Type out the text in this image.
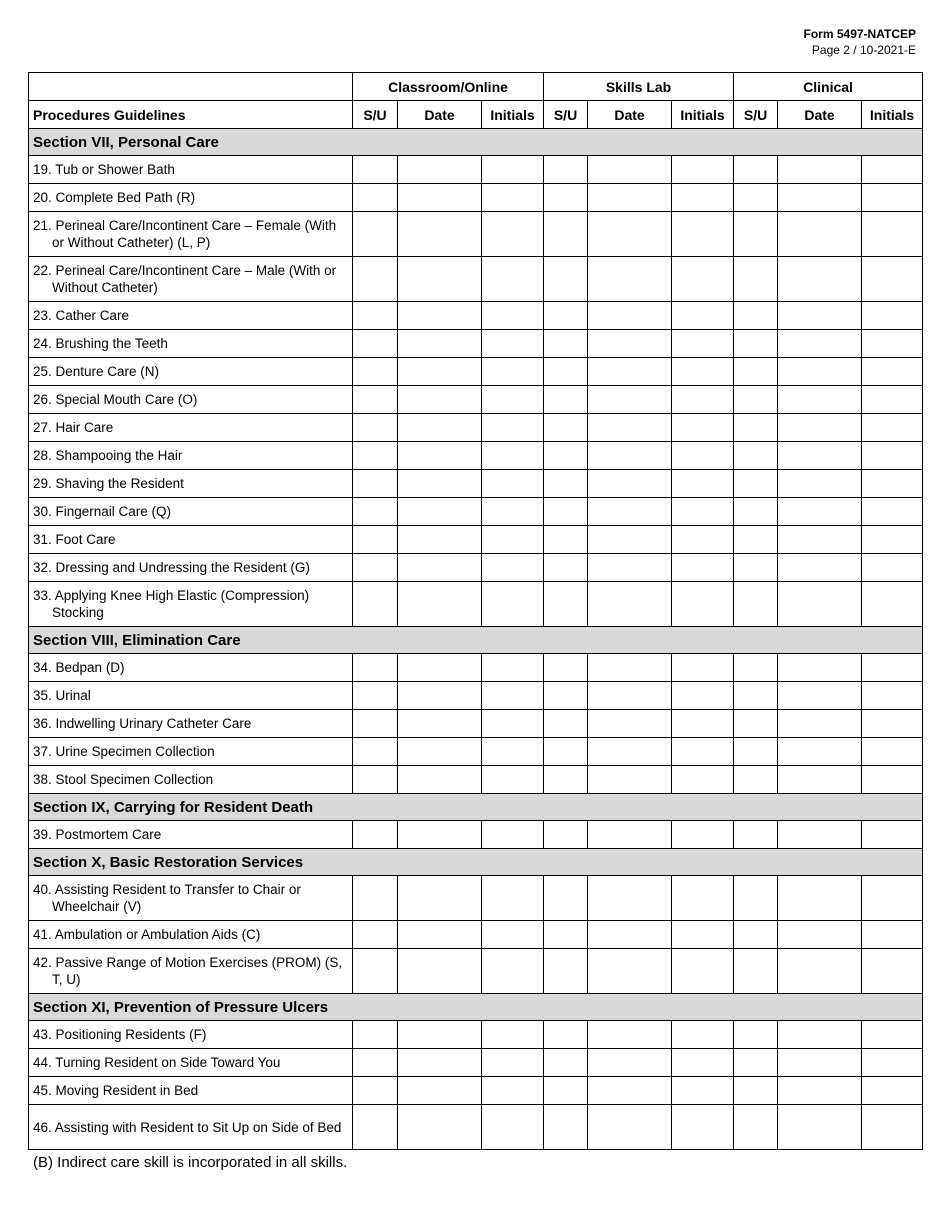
Form 5497-NATCEP
Page 2 / 10-2021-E
	Classroom/Online			Skills Lab			Clinical		
Procedures Guidelines	S/U	Date	Initials	S/U	Date	Initials	S/U	Date	Initials
Section VII, Personal Care									

19. Tub or Shower Bath									

20. Complete Bed Path (R)									

21. Perineal Care/Incontinent Care – Female (With or Without Catheter) (L, P)									

22. Perineal Care/Incontinent Care – Male (With or Without Catheter)									

23. Cather Care									

24. Brushing the Teeth									

25. Denture Care (N)									

26. Special Mouth Care (O)									

27. Hair Care									

28. Shampooing the Hair									

29. Shaving the Resident									

30. Fingernail Care (Q)									

31. Foot Care									

32. Dressing and Undressing the Resident (G)									

33. Applying Knee High Elastic (Compression) Stocking									

Section VIII, Elimination Care									

34. Bedpan (D)									

35. Urinal									

36. Indwelling Urinary Catheter Care									

37. Urine Specimen Collection									

38. Stool Specimen Collection									

Section IX, Carrying for Resident Death									

39. Postmortem Care									

Section X, Basic Restoration Services									

40. Assisting Resident to Transfer to Chair or Wheelchair (V)									

41. Ambulation or Ambulation Aids (C)									

42. Passive Range of Motion Exercises (PROM) (S, T, U)									

Section XI, Prevention of Pressure Ulcers									

43. Positioning Residents (F)									

44. Turning Resident on Side Toward You									

45. Moving Resident in Bed									

46. Assisting with Resident to Sit Up on Side of Bed									

(B) Indirect care skill is incorporated in all skills.
